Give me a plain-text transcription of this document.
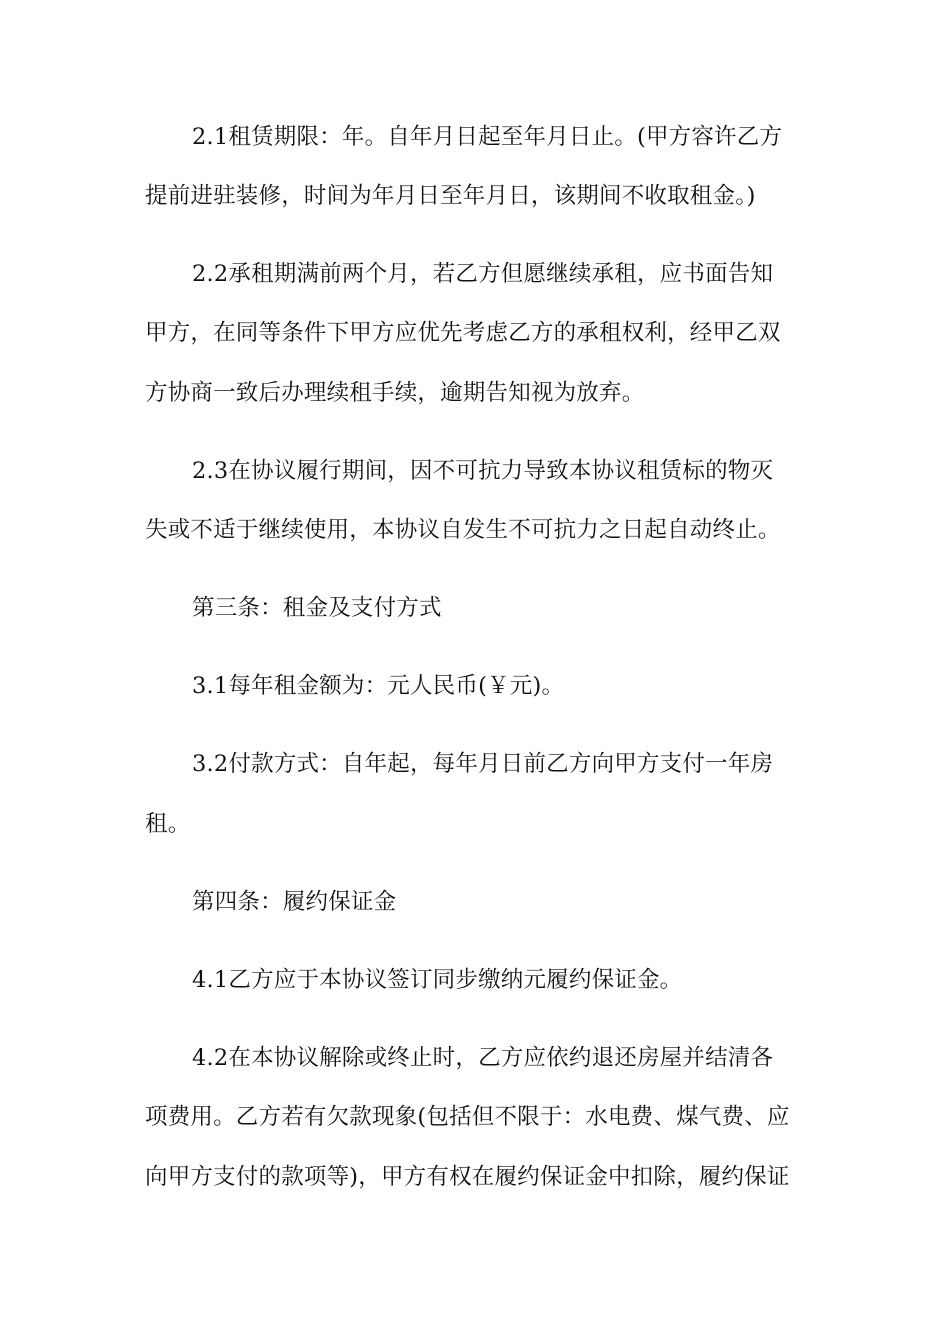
2.1租赁期限：年。自年月日起至年月日止。(甲方容许乙方
提前进驻装修，时间为年月日至年月日，该期间不收取租金。)
2.2承租期满前两个月，若乙方但愿继续承租，应书面告知
甲方，在同等条件下甲方应优先考虑乙方的承租权利，经甲乙双
方协商一致后办理续租手续，逾期告知视为放弃。
2.3在协议履行期间，因不可抗力导致本协议租赁标的物灭
失或不适于继续使用，本协议自发生不可抗力之日起自动终止。
第三条：租金及支付方式
3.1每年租金额为：元人民币(￥元)。
3.2付款方式：自年起，每年月日前乙方向甲方支付一年房
租。
第四条：履约保证金
4.1乙方应于本协议签订同步缴纳元履约保证金。
4.2在本协议解除或终止时，乙方应依约退还房屋并结清各
项费用。乙方若有欠款现象(包括但不限于：水电费、煤气费、应
向甲方支付的款项等)，甲方有权在履约保证金中扣除，履约保证
